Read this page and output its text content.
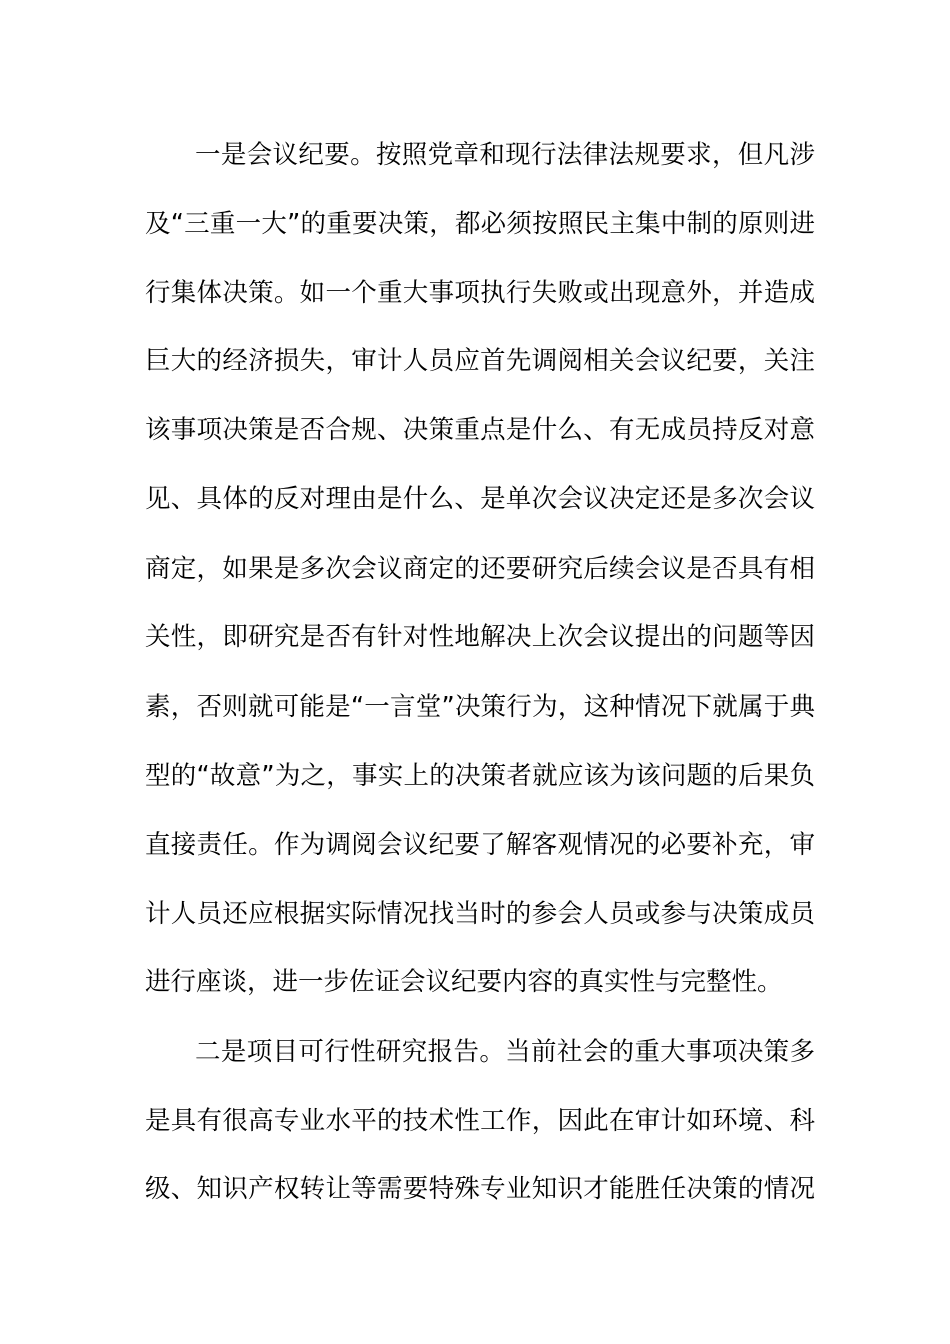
一是会议纪要。按照党章和现行法律法规要求，但凡涉
及“三重一大”的重要决策，都必须按照民主集中制的原则进
行集体决策。如一个重大事项执行失败或出现意外，并造成
巨大的经济损失，审计人员应首先调阅相关会议纪要，关注
该事项决策是否合规、决策重点是什么、有无成员持反对意
见、具体的反对理由是什么、是单次会议决定还是多次会议
商定，如果是多次会议商定的还要研究后续会议是否具有相
关性，即研究是否有针对性地解决上次会议提出的问题等因
素，否则就可能是“一言堂”决策行为，这种情况下就属于典
型的“故意”为之，事实上的决策者就应该为该问题的后果负
直接责任。作为调阅会议纪要了解客观情况的必要补充，审
计人员还应根据实际情况找当时的参会人员或参与决策成员
进行座谈，进一步佐证会议纪要内容的真实性与完整性。
二是项目可行性研究报告。当前社会的重大事项决策多
是具有很高专业水平的技术性工作，因此在审计如环境、科
级、知识产权转让等需要特殊专业知识才能胜任决策的情况
